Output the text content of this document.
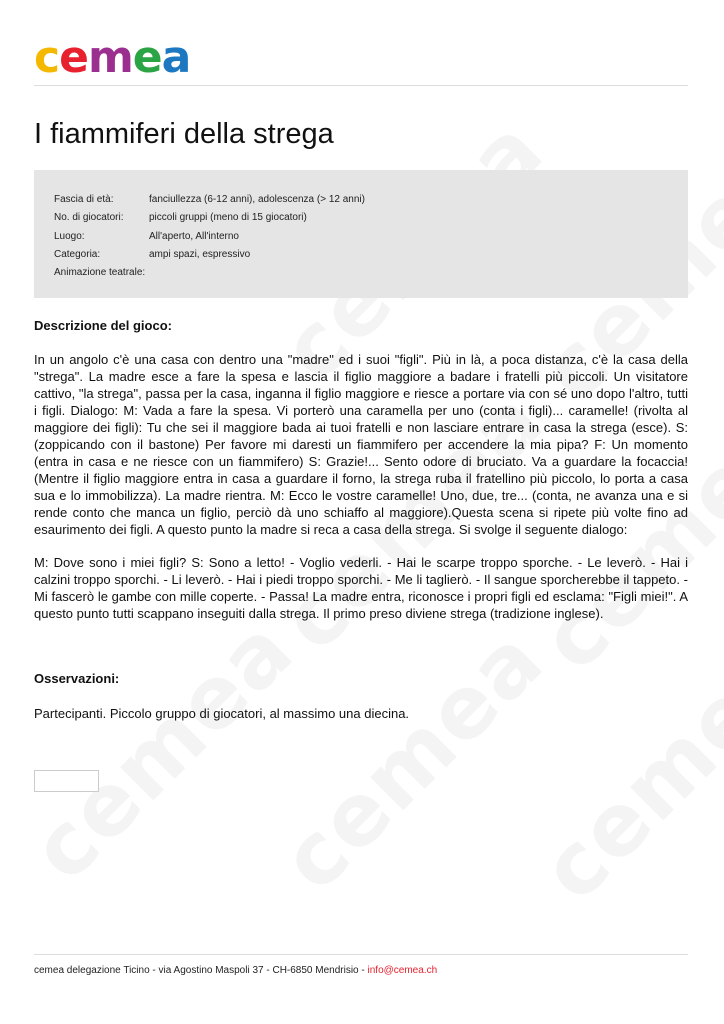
cemea
I fiammiferi della strega
Fascia di età:	fanciullezza (6-12 anni), adolescenza (> 12 anni)
No. di giocatori:	piccoli gruppi (meno di 15 giocatori)
Luogo:	All'aperto, All'interno
Categoria:	ampi spazi, espressivo
Animazione teatrale:
Descrizione del gioco:

In un angolo c'è una casa con dentro una "madre" ed i suoi "figli". Più in là, a poca distanza, c'è la casa della "strega". La madre esce a fare la spesa e lascia il figlio maggiore a badare i fratelli più piccoli. Un visitatore cattivo, "la strega", passa per la casa, inganna il figlio maggiore e riesce a portare via con sé uno dopo l'altro, tutti i figli. Dialogo: M: Vada a fare la spesa. Vi porterò una caramella per uno (conta i figli)... caramelle! (rivolta al maggiore dei figli): Tu che sei il maggiore bada ai tuoi fratelli e non lasciare entrare in casa la strega (esce). S: (zoppicando con il bastone) Per favore mi daresti un fiammifero per accendere la mia pipa? F: Un momento (entra in casa e ne riesce con un fiammifero) S: Grazie!... Sento odore di bruciato. Va a guardare la focaccia! (Mentre il figlio maggiore entra in casa a guardare il forno, la strega ruba il fratellino più piccolo, lo porta a casa sua e lo immobilizza). La madre rientra. M: Ecco le vostre caramelle! Uno, due, tre... (conta, ne avanza una e si rende conto che manca un figlio, perciò dà uno schiaffo al maggiore).Questa scena si ripete più volte fino ad esaurimento dei figli. A questo punto la madre si reca a casa della strega. Si svolge il seguente dialogo:

M: Dove sono i miei figli? S: Sono a letto! - Voglio vederli. - Hai le scarpe troppo sporche. - Le leverò. - Hai i calzini troppo sporchi. - Li leverò. - Hai i piedi troppo sporchi. - Me li taglierò. - Il sangue sporcherebbe il tappeto. - Mi fascerò le gambe con mille coperte. - Passa! La madre entra, riconosce i propri figli ed esclama: "Figli miei!". A questo punto tutti scappano inseguiti dalla strega. Il primo preso diviene strega (tradizione inglese).

Osservazioni:

Partecipanti. Piccolo gruppo di giocatori, al massimo una diecina.

cemea delegazione Ticino - via Agostino Maspoli 37 - CH-6850 Mendrisio - info@cemea.ch
